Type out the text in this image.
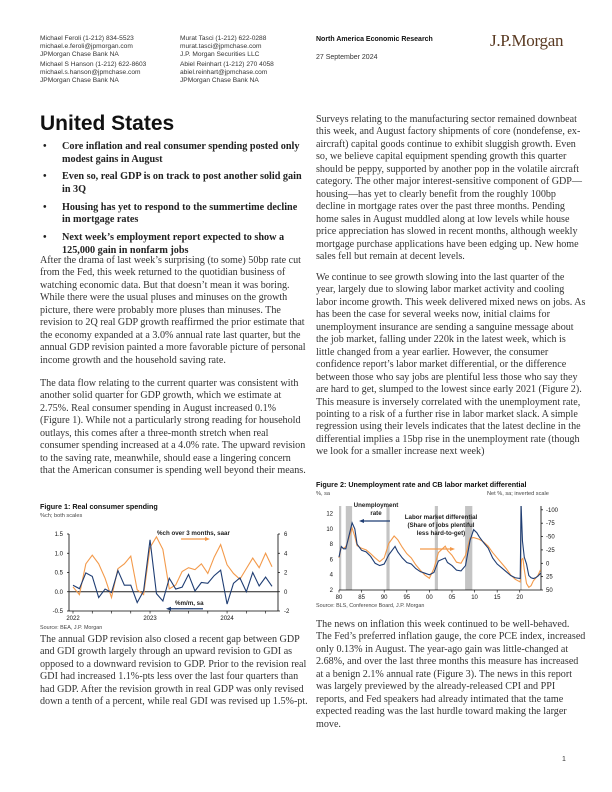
Michael Feroli (1-212) 834-5523
michael.e.feroli@jpmorgan.com
JPMorgan Chase Bank NA
Murat Tasci (1-212) 622-0288
murat.tasci@jpmchase.com
J.P. Morgan Securities LLC
Michael S Hanson (1-212) 622-8603
michael.s.hanson@jpmchase.com
JPMorgan Chase Bank NA
Abiel Reinhart (1-212) 270 4058
abiel.reinhart@jpmchase.com
JPMorgan Chase Bank NA
North America Economic Research
27 September 2024
J.P.Morgan
United States
• Core inflation and real consumer spending posted only modest gains in August
• Even so, real GDP is on track to post another solid gain in 3Q
• Housing has yet to respond to the summertime decline in mortgage rates
• Next week’s employment report expected to show a 125,000 gain in nonfarm jobs

After the drama of last week’s surprising (to some) 50bp rate cut from the Fed, this week returned to the quotidian business of watching economic data. But that doesn’t mean it was boring. While there were the usual pluses and minuses on the growth picture, there were probably more pluses than minuses. The revision to 2Q real GDP growth reaffirmed the prior estimate that the economy expanded at a 3.0% annual rate last quarter, but the annual GDP revision painted a more favorable picture of personal income growth and the household saving rate.

The data flow relating to the current quarter was consistent with another solid quarter for GDP growth, which we estimate at 2.75%. Real consumer spending in August increased 0.1% (Figure 1). While not a particularly strong reading for household outlays, this comes after a three-month stretch when real consumer spending increased at a 4.0% rate. The upward revision to the saving rate, meanwhile, should ease a lingering concern that the American consumer is spending well beyond their means.

The annual GDP revision also closed a recent gap between GDP and GDI growth largely through an upward revision to GDI as opposed to a downward revision to GDP. Prior to the revision real GDI had increased 1.1%-pts less over the last four quarters than had GDP. After the revision growth in real GDP was only revised down a tenth of a percent, while real GDI was revised up 1.5%-pt.

Surveys relating to the manufacturing sector remained downbeat this week, and August factory shipments of core (nondefense, ex-aircraft) capital goods continue to exhibit sluggish growth. Even so, we believe capital equipment spending growth this quarter should be peppy, supported by another pop in the volatile aircraft category. The other major interest-sensitive component of GDP—housing—has yet to clearly benefit from the roughly 100bp decline in mortgage rates over the past three months. Pending home sales in August muddled along at low levels while house price appreciation has slowed in recent months, although weekly mortgage purchase applications have been edging up. New home sales fell but remain at decent levels.

We continue to see growth slowing into the last quarter of the year, largely due to slowing labor market activity and cooling labor income growth. This week delivered mixed news on jobs. As has been the case for several weeks now, initial claims for unemployment insurance are sending a sanguine message about the job market, falling under 220k in the latest week, which is little changed from a year earlier. However, the consumer confidence report’s labor market differential, or the difference between those who say jobs are plentiful less those who say they are hard to get, slumped to the lowest since early 2021 (Figure 2). This measure is inversely correlated with the unemployment rate, pointing to a risk of a further rise in labor market slack. A simple regression using their levels indicates that the latest decline in the differential implies a 15bp rise in the unemployment rate (though we look for a smaller increase next week)

The news on inflation this week continued to be well-behaved. The Fed’s preferred inflation gauge, the core PCE index, increased only 0.13% in August. The year-ago gain was little-changed at 2.68%, and over the last three months this measure has increased at a benign 2.1% annual rate (Figure 3). The news in this report was largely previewed by the already-released CPI and PPI reports, and Fed speakers had already intimated that the tame expected reading was the last hurdle toward making the larger move.

Figure 1: Real consumer spending
%ch; both scales
1.5
1.0
0.5
0.0
-0.5
6
4
2
0
-2
2022	2023	2024
%ch over 3 months, saar
%m/m, sa
Source: BEA, J.P. Morgan
Figure 2: Unemployment rate and CB labor market differential
%, sa	Net %, sa; inverted scale
12
10
8
6
4
2
-100
-75
-50
-25
0
25
50
80	85	90	95	00	05	10	15	20
Unemployment
rate
Labor market differential
(Share of jobs plentiful
less hard-to-get)
Source: BLS, Conference Board, J.P. Morgan
1
